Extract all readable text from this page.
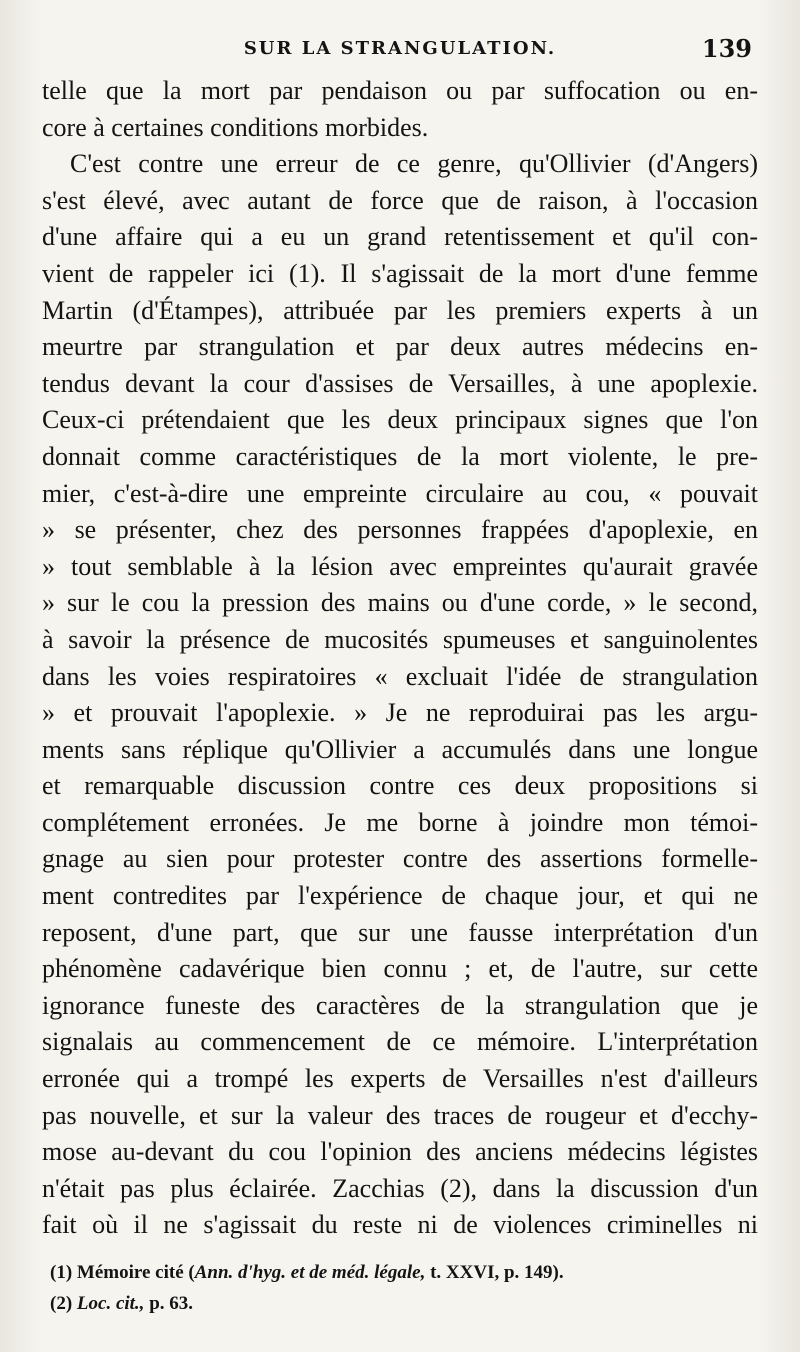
SUR LA STRANGULATION.	139
telle que la mort par pendaison ou par suffocation ou en-
core à certaines conditions morbides.
C'est contre une erreur de ce genre, qu'Ollivier (d'Angers)
s'est élevé, avec autant de force que de raison, à l'occasion
d'une affaire qui a eu un grand retentissement et qu'il con-
vient de rappeler ici (1). Il s'agissait de la mort d'une femme
Martin (d'Étampes), attribuée par les premiers experts à un
meurtre par strangulation et par deux autres médecins en-
tendus devant la cour d'assises de Versailles, à une apoplexie.
Ceux-ci prétendaient que les deux principaux signes que l'on
donnait comme caractéristiques de la mort violente, le pre-
mier, c'est-à-dire une empreinte circulaire au cou, « pouvait
» se présenter, chez des personnes frappées d'apoplexie, en
» tout semblable à la lésion avec empreintes qu'aurait gravée
» sur le cou la pression des mains ou d'une corde, » le second,
à savoir la présence de mucosités spumeuses et sanguinolentes
dans les voies respiratoires « excluait l'idée de strangulation
» et prouvait l'apoplexie. » Je ne reproduirai pas les argu-
ments sans réplique qu'Ollivier a accumulés dans une longue
et remarquable discussion contre ces deux propositions si
complétement erronées. Je me borne à joindre mon témoi-
gnage au sien pour protester contre des assertions formelle-
ment contredites par l'expérience de chaque jour, et qui ne
reposent, d'une part, que sur une fausse interprétation d'un
phénomène cadavérique bien connu ; et, de l'autre, sur cette
ignorance funeste des caractères de la strangulation que je
signalais au commencement de ce mémoire. L'interprétation
erronée qui a trompé les experts de Versailles n'est d'ailleurs
pas nouvelle, et sur la valeur des traces de rougeur et d'ecchy-
mose au-devant du cou l'opinion des anciens médecins légistes
n'était pas plus éclairée. Zacchias (2), dans la discussion d'un
fait où il ne s'agissait du reste ni de violences criminelles ni
(1) Mémoire cité (Ann. d'hyg. et de méd. légale, t. XXVI, p. 149).
(2) Loc. cit., p. 63.
